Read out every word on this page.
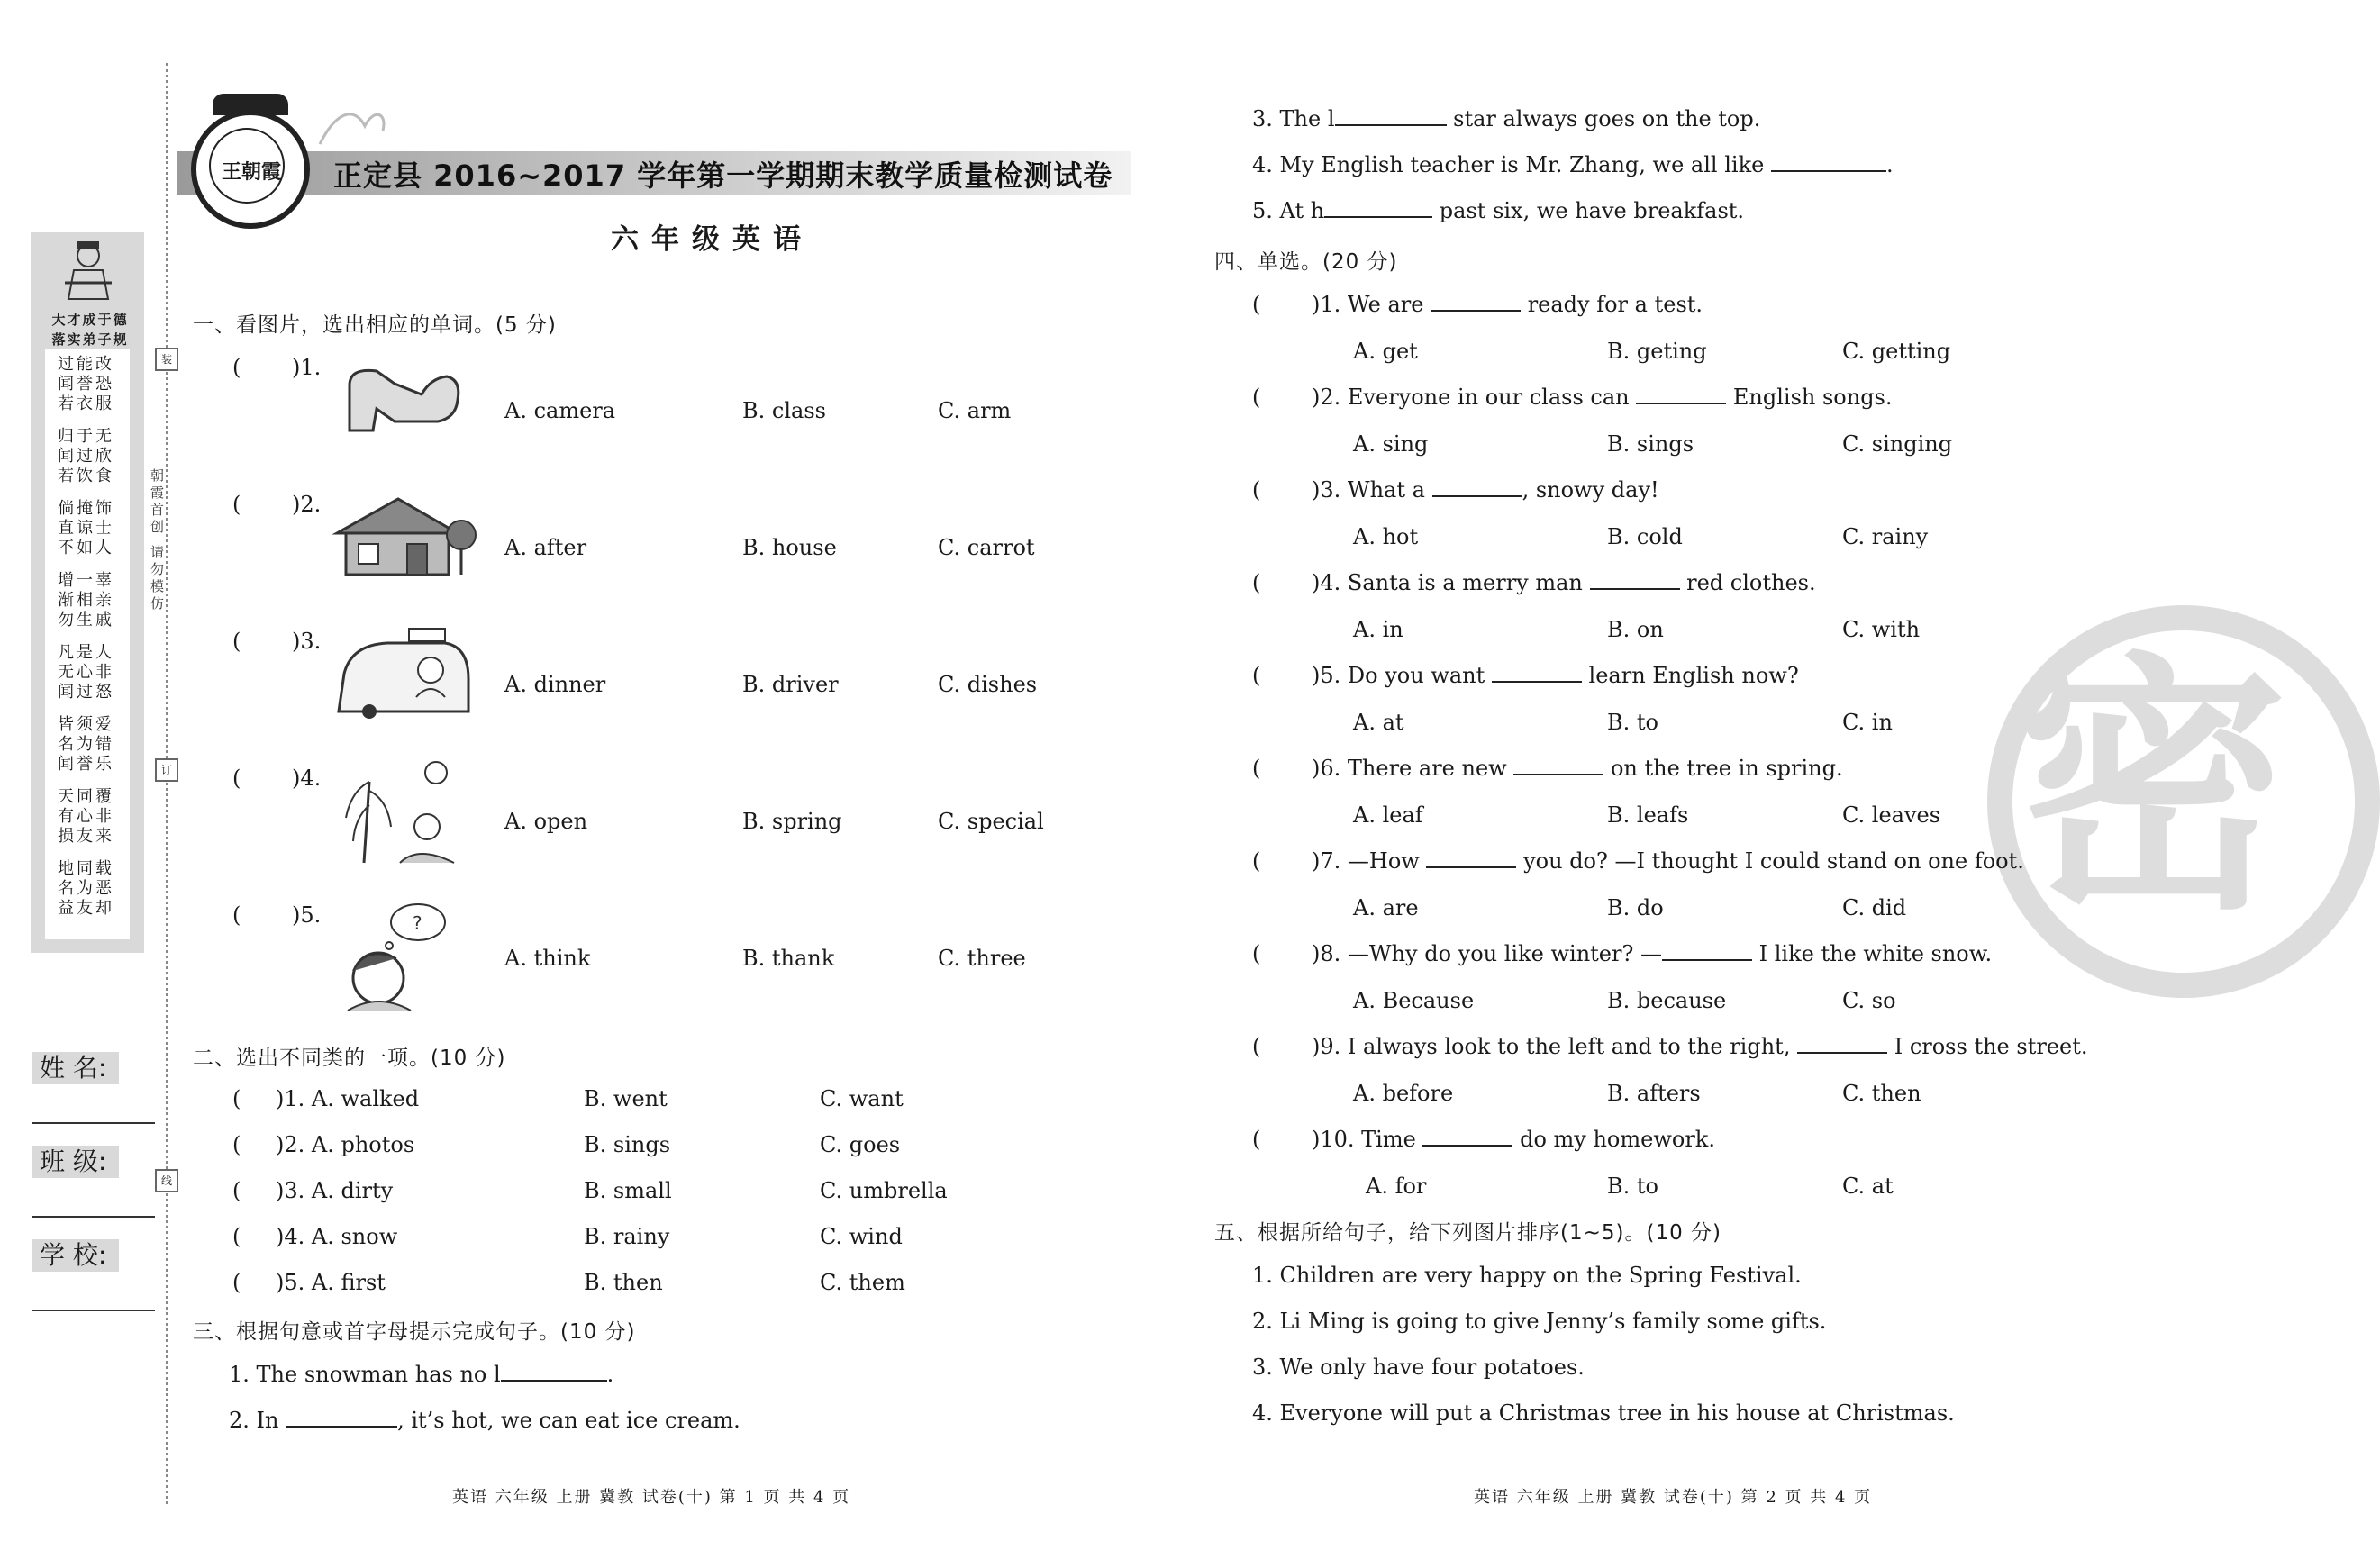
大才成于德
落实弟子规
过能改 闻誉恐 若衣服
归于无 闻过欣 若饮食
倘掩饰 直谅士 不如人
增一辜 渐相亲 勿生戚
凡是人 无心非 闻过怒
皆须爱 名为错 闻誉乐
天同覆 有心非 损友来
地同载 名为恶 益友却
装
朝霞首创 请勿模仿
订
线
姓 名:
班 级:
学 校:
王朝霞	正定县 2016~2017 学年第一学期期末教学质量检测试卷
六年级英语
一、看图片，选出相应的单词。(5 分)
( )1.
A. camera	B. class	C. arm
( )2.
A. after	B. house	C. carrot
( )3.
A. dinner	B. driver	C. dishes
( )4.
A. open	B. spring	C. special
( )5.	?
A. think	B. thank	C. three
二、选出不同类的一项。(10 分)
( )1. A. walked	B. went	C. want
( )2. A. photos	B. sings	C. goes
( )3. A. dirty	B. small	C. umbrella
( )4. A. snow	B. rainy	C. wind
( )5. A. first	B. then	C. them
三、根据句意或首字母提示完成句子。(10 分)
1. The snowman has no l	.
2. In	, it’s hot, we can eat ice cream.
3. The l	star always goes on the top.
4. My English teacher is Mr. Zhang, we all like	.
5. At h	past six, we have breakfast.
密
四、单选。(20 分)
( )1. We are	ready for a test.
A. get	B. geting	C. getting
( )2. Everyone in our class can	English songs.
A. sing	B. sings	C. singing
( )3. What a	, snowy day!
A. hot	B. cold	C. rainy
( )4. Santa is a merry man	red clothes.
A. in	B. on	C. with
( )5. Do you want	learn English now?
A. at	B. to	C. in
( )6. There are new	on the tree in spring.
A. leaf	B. leafs	C. leaves
( )7. —How	you do? —I thought I could stand on one foot.
A. are	B. do	C. did
( )8. —Why do you like winter? —	I like the white snow.
A. Because	B. because	C. so
( )9. I always look to the left and to the right,	I cross the street.
A. before	B. afters	C. then
( )10. Time	do my homework.
A. for	B. to	C. at
五、根据所给句子，给下列图片排序(1~5)。(10 分)
1. Children are very happy on the Spring Festival.
2. Li Ming is going to give Jenny’s family some gifts.
3. We only have four potatoes.
4. Everyone will put a Christmas tree in his house at Christmas.
英语 六年级 上册 冀教 试卷(十) 第 1 页 共 4 页	英语 六年级 上册 冀教 试卷(十) 第 2 页 共 4 页
